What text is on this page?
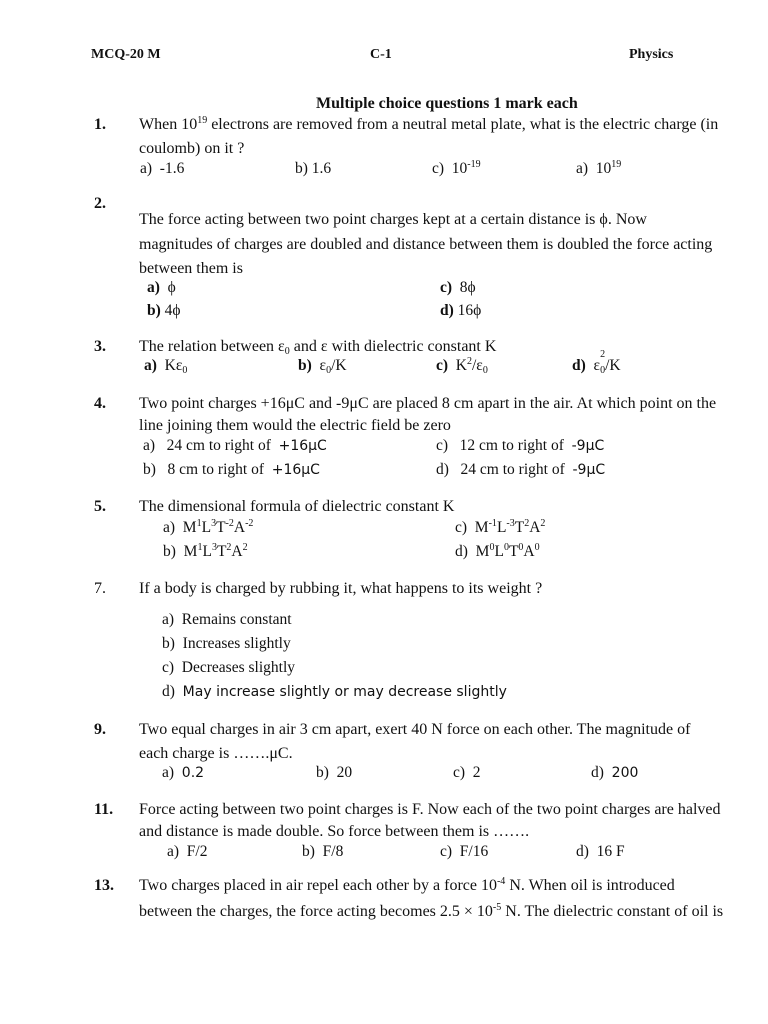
MCQ-20 M	C-1	Physics
Multiple choice questions 1 mark each
1. When $10^{19}$ electrons are removed from a neutral metal plate, what is the electric charge (in
coulomb) on it ?
a) -1.6	b) 1.6	c) $10^{-19}$	a) $10^{19}$
2.
The force acting between two point charges kept at a certain distance is ϕ. Now
magnitudes of charges are doubled and distance between them is doubled the force acting
between them is
a) ϕ	c) 8ϕ
b) 4ϕ	d) 16ϕ
3. The relation between $\varepsilon_0$ and ε with dielectric constant K
a) $K\varepsilon_0$	b) $\varepsilon_0/K$	c) $K^2/\varepsilon_0$	d) ε
2
$_0$/K
4. Two point charges +16μC and -9μC are placed 8 cm apart in the air. At which point on the
line joining them would the electric field be zero
a) 24 cm to right of +16μC	c) 12 cm to right of -9μC
b) 8 cm to right of +16μC	d) 24 cm to right of -9μC
5. The dimensional formula of dielectric constant K
a) $M^1L^3T^{-2}A^{-2}$	c) $M^{-1}L^{-3}T^2A^2$
b) $M^1L^3T^2A^2$	d) $M^0L^0T^0A^0$
7. If a body is charged by rubbing it, what happens to its weight ?
a) Remains constant
b) Increases slightly
c) Decreases slightly
d) May increase slightly or may decrease slightly
9. Two equal charges in air 3 cm apart, exert 40 N force on each other. The magnitude of
each charge is …….μC.
a) 0.2	b) 20	c) 2	d) 200
11. Force acting between two point charges is F. Now each of the two point charges are halved
and distance is made double. So force between them is …….
a) F/2	b) F/8	c) F/16	d) 16 F
13. Two charges placed in air repel each other by a force $10^{-4}$ N. When oil is introduced
between the charges, the force acting becomes $2.5 \times 10^{-5}$ N. The dielectric constant of oil is
